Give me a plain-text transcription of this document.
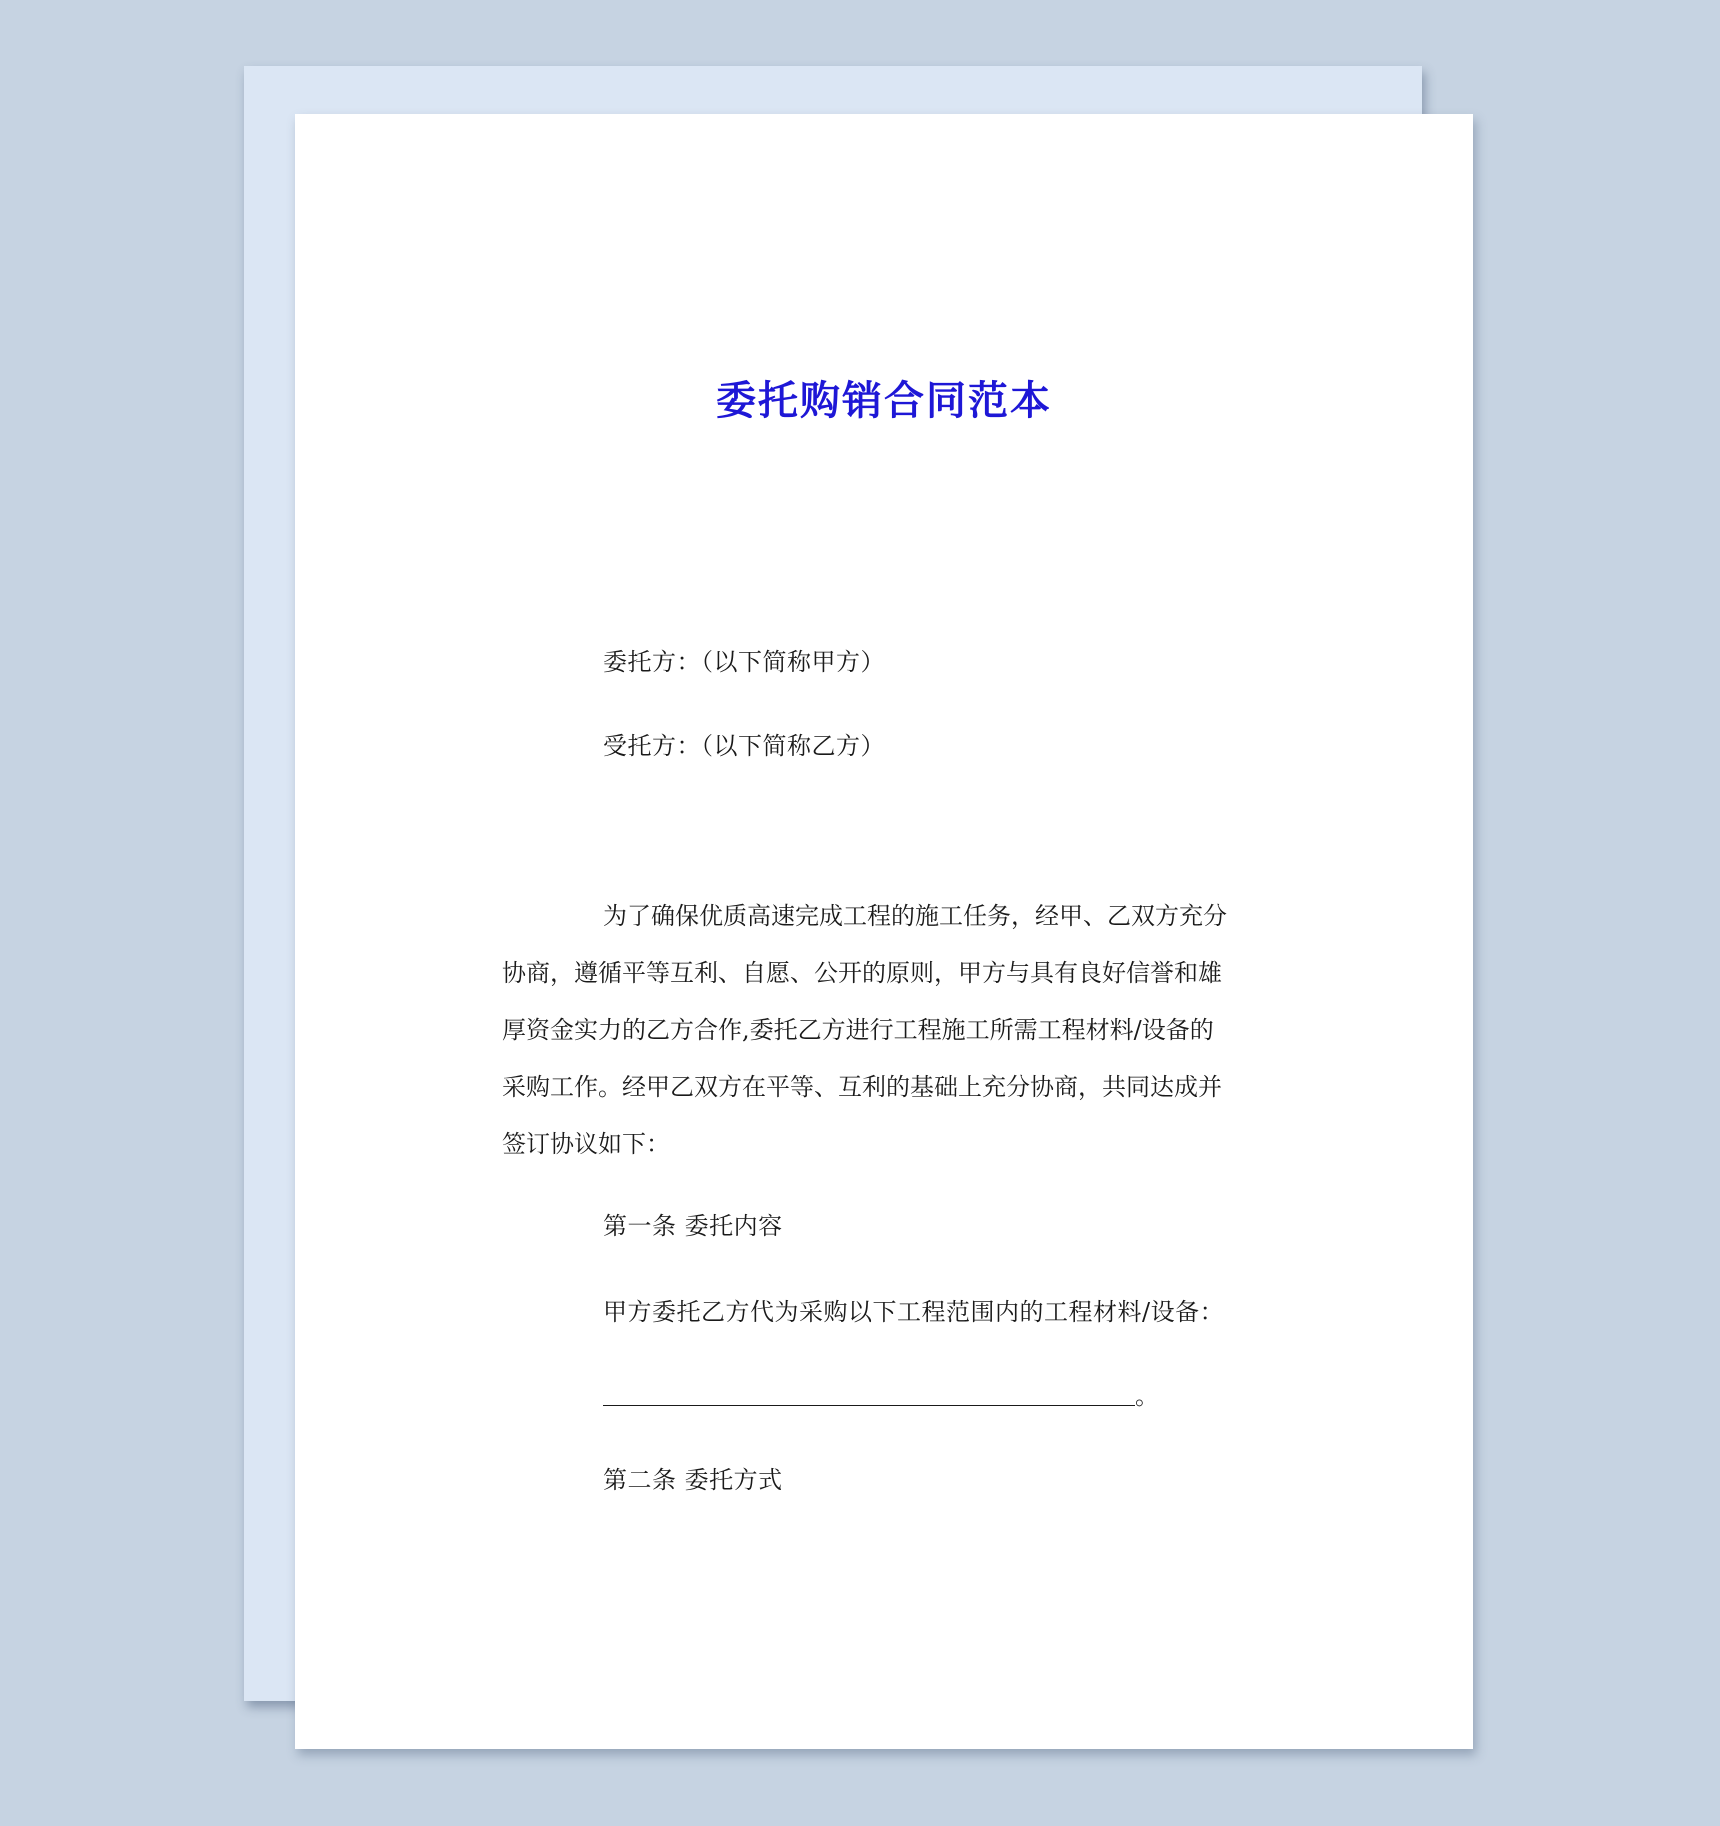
委托购销合同范本
委托方：（以下简称甲方）
受托方：（以下简称乙方）
为了确保优质高速完成工程的施工任务，经甲、乙双方充分
协商，遵循平等互利、自愿、公开的原则，甲方与具有良好信誉和雄
厚资金实力的乙方合作,委托乙方进行工程施工所需工程材料/设备的
采购工作。经甲乙双方在平等、互利的基础上充分协商，共同达成并
签订协议如下：
第一条 委托内容
甲方委托乙方代为采购以下工程范围内的工程材料/设备：
。
第二条 委托方式
